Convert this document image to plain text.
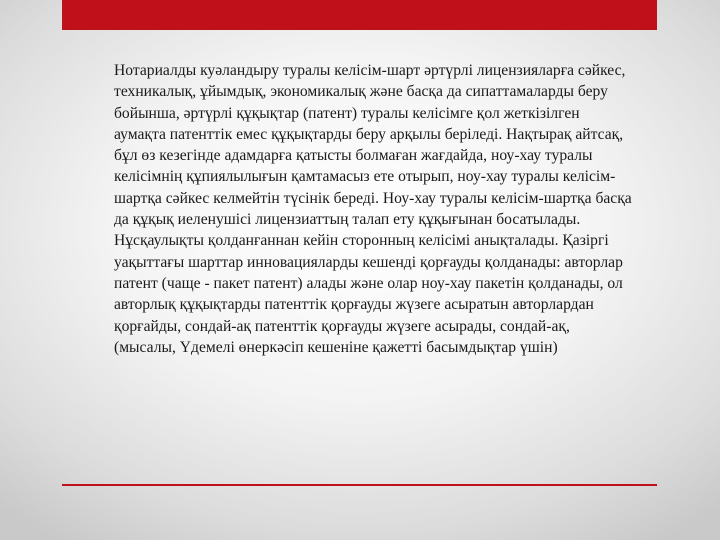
Нотариалды куәландыру туралы келісім-шарт әртүрлі лицензияларға сәйкес, техникалық, ұйымдық, экономикалық және басқа да сипаттамаларды беру бойынша, әртүрлі құқықтар (патент) туралы келісімге қол жеткізілген аумақта патенттік емес құқықтарды беру арқылы беріледі. Нақтырақ айтсақ, бұл өз кезегінде адамдарға қатысты болмаған жағдайда, ноу-хау туралы келісімнің құпиялылығын қамтамасыз ете отырып, ноу-хау туралы келісім-шартқа сәйкес келмейтін түсінік береді. Ноу-хау туралы келісім-шартқа басқа да құқық иеленушісі лицензиаттың талап ету құқығынан босатылады. Нұсқаулықты қолданғаннан кейін сторонның келісімі анықталады. Қазіргі уақыттағы шарттар инновацияларды кешенді қорғауды қолданады: авторлар патент (чаще - пакет патент) алады және олар ноу-хау пакетін қолданады, ол авторлық құқықтарды патенттік қорғауды жүзеге асыратын авторлардан қорғайды, сондай-ақ патенттік қорғауды жүзеге асырады, сондай-ақ, (мысалы, Үдемелі өнеркәсіп кешеніне қажетті басымдықтар үшін)
